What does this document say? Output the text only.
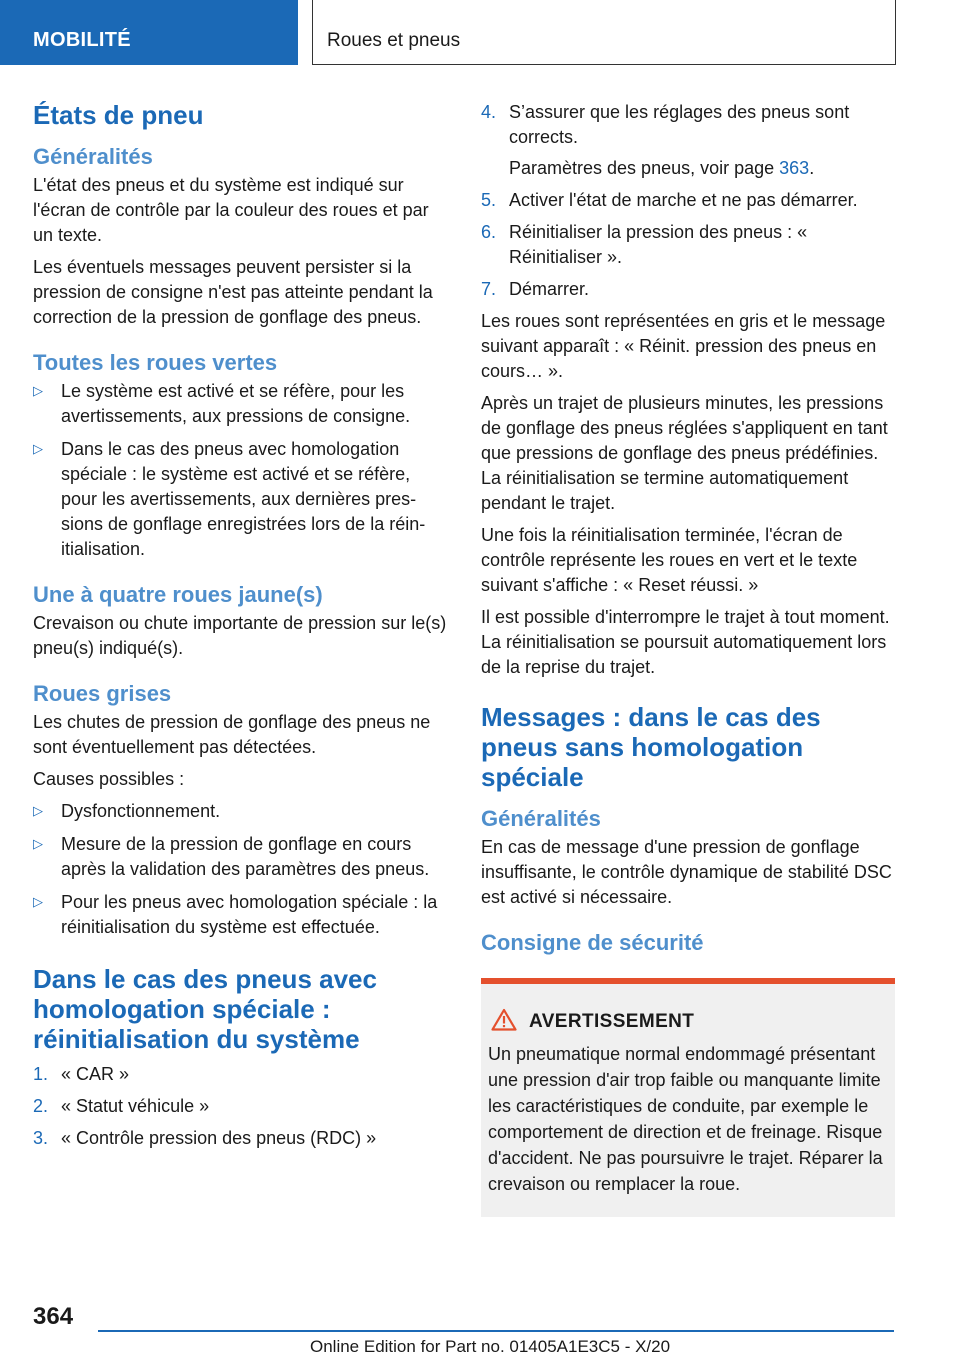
MOBILITÉ	Roues et pneus
États de pneu
Généralités

L'état des pneus et du système est indiqué sur l'écran de contrôle par la couleur des roues et par un texte.

Les éventuels messages peuvent persister si la pression de consigne n'est pas atteinte pendant la correction de la pression de gonflage des pneus.

Toutes les roues vertes
▷ Le système est activé et se réfère, pour les avertissements, aux pressions de consigne.
▷ Dans le cas des pneus avec homologation spéciale : le système est activé et se réfère, pour les avertissements, aux dernières pressions de gonflage enregistrées lors de la réinitialisation.
Une à quatre roues jaune(s)

Crevaison ou chute importante de pression sur le(s) pneu(s) indiqué(s).

Roues grises

Les chutes de pression de gonflage des pneus ne sont éventuellement pas détectées.

Causes possibles :

▷ Dysfonctionnement.
▷ Mesure de la pression de gonflage en cours après la validation des paramètres des pneus.
▷ Pour les pneus avec homologation spéciale : la réinitialisation du système est effectuée.
Dans le cas des pneus avec homologation spéciale : réinitialisation du système
1. « CAR »
2. « Statut véhicule »
3. « Contrôle pression des pneus (RDC) »
4. S’assurer que les réglages des pneus sont corrects.
Paramètres des pneus, voir page 363.
5. Activer l'état de marche et ne pas démarrer.
6. Réinitialiser la pression des pneus : « Réinitialiser ».
7. Démarrer.

Les roues sont représentées en gris et le message suivant apparaît : « Réinit. pression des pneus en cours… ».

Après un trajet de plusieurs minutes, les pressions de gonflage des pneus réglées s'appliquent en tant que pressions de gonflage des pneus prédéfinies. La réinitialisation se termine automatiquement pendant le trajet.

Une fois la réinitialisation terminée, l'écran de contrôle représente les roues en vert et le texte suivant s'affiche : « Reset réussi. »

Il est possible d'interrompre le trajet à tout moment. La réinitialisation se poursuit automatiquement lors de la reprise du trajet.

Messages : dans le cas des pneus sans homologation spéciale
Généralités

En cas de message d'une pression de gonflage insuffisante, le contrôle dynamique de stabilité DSC est activé si nécessaire.

Consigne de sécurité
AVERTISSEMENT

Un pneumatique normal endommagé présentant une pression d'air trop faible ou manquante limite les caractéristiques de conduite, par exemple le comportement de direction et de freinage. Risque d'accident. Ne pas poursuivre le trajet. Réparer la crevaison ou remplacer la roue.

364
Online Edition for Part no. 01405A1E3C5 - X/20
